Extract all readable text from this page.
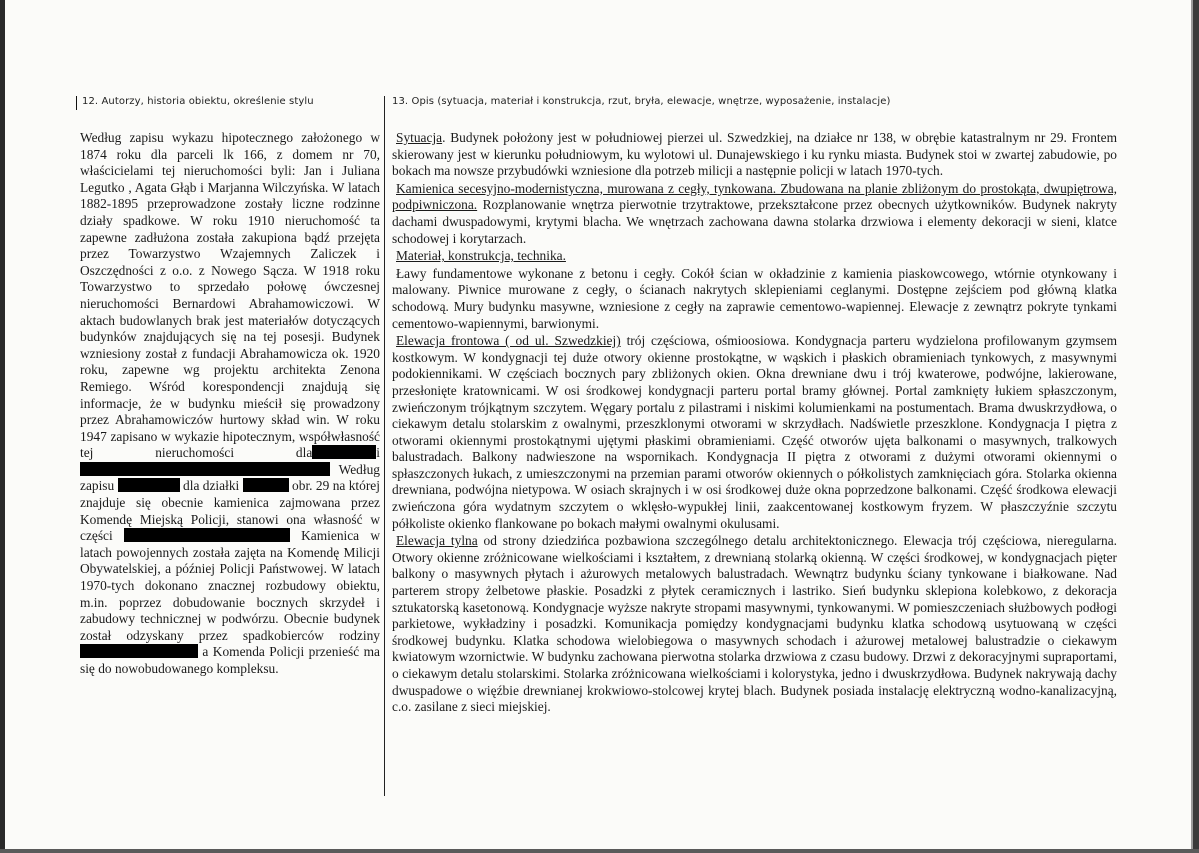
12. Autorzy, historia obiektu, określenie stylu	13. Opis (sytuacja, materiał i konstrukcja, rzut, bryła, elewacje, wnętrze, wyposażenie, instalacje)
Według zapisu wykazu hipotecznego założonego w 1874 roku dla parceli lk 166, z domem nr 70, właścicielami tej nieruchomości byli: Jan i Juliana Legutko , Agata Głąb i Marjanna Wilczyńska. W latach 1882-1895 przeprowadzone zostały liczne rodzinne działy spadkowe. W roku 1910 nieruchomość ta zapewne zadłużona została zakupiona bądź przejęta przez Towarzystwo Wzajemnych Zaliczek i Oszczędności z o.o. z Nowego Sącza. W 1918 roku Towarzystwo to sprzedało połowę ówczesnej nieruchomości Bernardowi Abrahamowiczowi. W aktach budowlanych brak jest materiałów dotyczących budynków znajdujących się na tej posesji. Budynek wzniesiony został z fundacji Abrahamowicza ok. 1920 roku, zapewne wg projektu architekta Zenona Remiego. Wśród korespondencji znajdują się informacje, że w budynku mieścił się prowadzony przez Abrahamowiczów hurtowy skład win. W roku 1947 zapisano w wykazie hipotecznym, współwłasność tej nieruchomości dla	i  Według zapisu	dla działki	obr. 29 na której znajduje się obecnie kamienica zajmowana przez Komendę Miejską Policji, stanowi ona własność w części	Kamienica w latach powojennych została zajęta na Komendę Milicji Obywatelskiej, a później Policji Państwowej. W latach 1970-tych dokonano znacznej rozbudowy obiektu, m.in. poprzez dobudowanie bocznych skrzydeł i zabudowy technicznej w podwórzu. Obecnie budynek został odzyskany przez spadkobierców rodziny  a Komenda Policji przenieść ma się do nowobudowanego kompleksu.

Sytuacja. Budynek położony jest w południowej pierzei ul. Szwedzkiej, na działce nr 138, w obrębie katastralnym nr 29. Frontem skierowany jest w kierunku południowym, ku wylotowi ul. Dunajewskiego i ku rynku miasta. Budynek stoi w zwartej zabudowie, po bokach ma nowsze przybudówki wzniesione dla potrzeb milicji a następnie policji w latach 1970-tych.

Kamienica secesyjno-modernistyczna, murowana z cegły, tynkowana. Zbudowana na planie zbliżonym do prostokąta, dwupiętrowa, podpiwniczona. Rozplanowanie wnętrza pierwotnie trzytraktowe, przekształcone przez obecnych użytkowników. Budynek nakryty dachami dwuspadowymi, krytymi blacha. We wnętrzach zachowana dawna stolarka drzwiowa i elementy dekoracji w sieni, klatce schodowej i korytarzach.

Materiał, konstrukcja, technika.

Ławy fundamentowe wykonane z betonu i cegły. Cokół ścian w okładzinie z kamienia piaskowcowego, wtórnie otynkowany i malowany. Piwnice murowane z cegły, o ścianach nakrytych sklepieniami ceglanymi. Dostępne zejściem pod główną klatka schodową. Mury budynku masywne, wzniesione z cegły na zaprawie cementowo-wapiennej. Elewacje z zewnątrz pokryte tynkami cementowo-wapiennymi, barwionymi.

Elewacja frontowa ( od ul. Szwedzkiej) trój częściowa, ośmioosiowa. Kondygnacja parteru wydzielona profilowanym gzymsem kostkowym. W kondygnacji tej duże otwory okienne prostokątne, w wąskich i płaskich obramieniach tynkowych, z masywnymi podokiennikami. W częściach bocznych pary zbliżonych okien. Okna drewniane dwu i trój kwaterowe, podwójne, lakierowane, przesłonięte kratownicami. W osi środkowej kondygnacji parteru portal bramy głównej. Portal zamknięty łukiem spłaszczonym, zwieńczonym trójkątnym szczytem. Węgary portalu z pilastrami i niskimi kolumienkami na postumentach. Brama dwuskrzydłowa, o ciekawym detalu stolarskim z owalnymi, przeszklonymi otworami w skrzydłach. Nadświetle przeszklone. Kondygnacja I piętra z otworami okiennymi prostokątnymi ujętymi płaskimi obramieniami. Część otworów ujęta balkonami o masywnych, tralkowych balustradach. Balkony nadwieszone na wspornikach. Kondygnacja II piętra z otworami z dużymi otworami okiennymi o spłaszczonych łukach, z umieszczonymi na przemian parami otworów okiennych o półkolistych zamknięciach góra. Stolarka okienna drewniana, podwójna nietypowa. W osiach skrajnych i w osi środkowej duże okna poprzedzone balkonami. Część środkowa elewacji zwieńczona góra wydatnym szczytem o wklęsło-wypukłej linii, zaakcentowanej kostkowym fryzem. W płaszczyźnie szczytu półkoliste okienko flankowane po bokach małymi owalnymi okulusami.

Elewacja tylna od strony dziedzińca pozbawiona szczególnego detalu architektonicznego. Elewacja trój częściowa, nieregularna. Otwory okienne zróżnicowane wielkościami i kształtem, z drewnianą stolarką okienną. W części środkowej, w kondygnacjach pięter balkony o masywnych płytach i ażurowych metalowych balustradach. Wewnątrz budynku ściany tynkowane i białkowane. Nad parterem stropy żelbetowe płaskie. Posadzki z płytek ceramicznych i lastriko. Sień budynku sklepiona kolebkowo, z dekoracja sztukatorską kasetonową. Kondygnacje wyższe nakryte stropami masywnymi, tynkowanymi. W pomieszczeniach służbowych podłogi parkietowe, wykładziny i posadzki. Komunikacja pomiędzy kondygnacjami budynku klatka schodową usytuowaną w części środkowej budynku. Klatka schodowa wielobiegowa o masywnych schodach i ażurowej metalowej balustradzie o ciekawym kwiatowym wzornictwie. W budynku zachowana pierwotna stolarka drzwiowa z czasu budowy. Drzwi z dekoracyjnymi supraportami, o ciekawym detalu stolarskimi. Stolarka zróżnicowana wielkościami i kolorystyka, jedno i dwuskrzydłowa. Budynek nakrywają dachy dwuspadowe o więźbie drewnianej krokwiowo-stolcowej krytej blach. Budynek posiada instalację elektryczną wodno-kanalizacyjną, c.o. zasilane z sieci miejskiej.
